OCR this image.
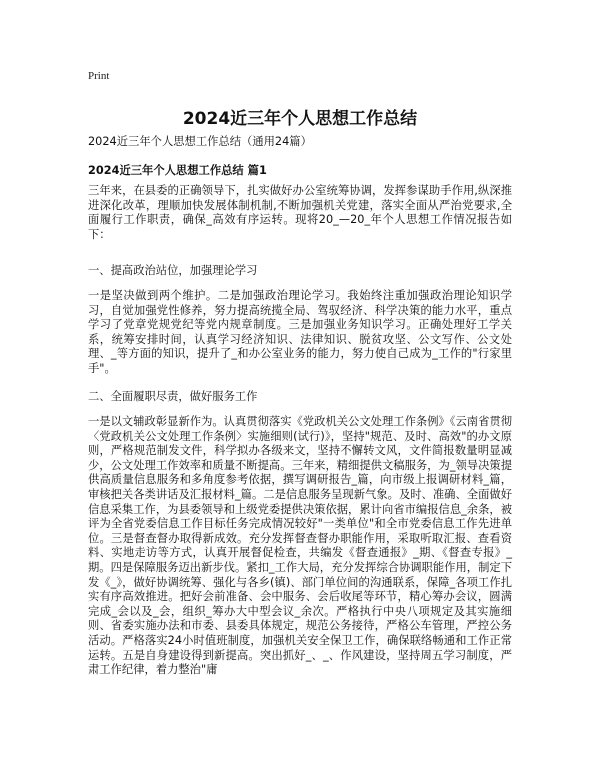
Print
2024近三年个人思想工作总结
2024近三年个人思想工作总结（通用24篇）
2024近三年个人思想工作总结 篇1

三年来，在县委的正确领导下，扎实做好办公室统筹协调，发挥参谋助手作用,纵深推进深化改革，理顺加快发展体制机制,不断加强机关党建，落实全面从严治党要求,全面履行工作职责，确保_高效有序运转。现将20_—20_年个人思想工作情况报告如下：

一、提高政治站位，加强理论学习

一是坚决做到两个维护。二是加强政治理论学习。我始终注重加强政治理论知识学习，自觉加强党性修养，努力提高统揽全局、驾驭经济、科学决策的能力水平，重点学习了党章党规党纪等党内规章制度。三是加强业务知识学习。正确处理好工学关系，统筹安排时间，认真学习经济知识、法律知识、脱贫攻坚、公文写作、公文处理、_等方面的知识，提升了_和办公室业务的能力，努力使自己成为_工作的"行家里手"。

二、全面履职尽责，做好服务工作

一是以文辅政彰显新作为。认真贯彻落实《党政机关公文处理工作条例》《云南省贯彻〈党政机关公文处理工作条例〉实施细则(试行)》，坚持"规范、及时、高效"的办文原则，严格规范制发文件，科学拟办各级来文，坚持不懈转文风，文件简报数量明显减少，公文处理工作效率和质量不断提高。三年来，精细提供文稿服务，为_领导决策提供高质量信息服务和多角度参考依据，撰写调研报告_篇，向市级上报调研材料_篇，审核把关各类讲话及汇报材料_篇。二是信息服务呈现新气象。及时、准确、全面做好信息采集工作，为县委领导和上级党委提供决策依据，累计向省市编报信息_余条，被评为全省党委信息工作目标任务完成情况较好"一类单位"和全市党委信息工作先进单位。三是督查督办取得新成效。充分发挥督查督办职能作用，采取听取汇报、查看资料、实地走访等方式，认真开展督促检查，共编发《督查通报》_期、《督查专报》_期。四是保障服务迈出新步伐。紧扣_工作大局，充分发挥综合协调职能作用，制定下发《_》，做好协调统筹、强化与各乡(镇)、部门单位间的沟通联系，保障_各项工作扎实有序高效推进。把好会前准备、会中服务、会后收尾等环节，精心筹办会议，圆满完成_会以及_会，组织_筹办大中型会议_余次。严格执行中央八项规定及其实施细则、省委实施办法和市委、县委具体规定，规范公务接待，严格公车管理，严控公务活动。严格落实24小时值班制度，加强机关安全保卫工作，确保联络畅通和工作正常运转。五是自身建设得到新提高。突出抓好_、_、作风建设，坚持周五学习制度，严肃工作纪律，着力整治"庸
